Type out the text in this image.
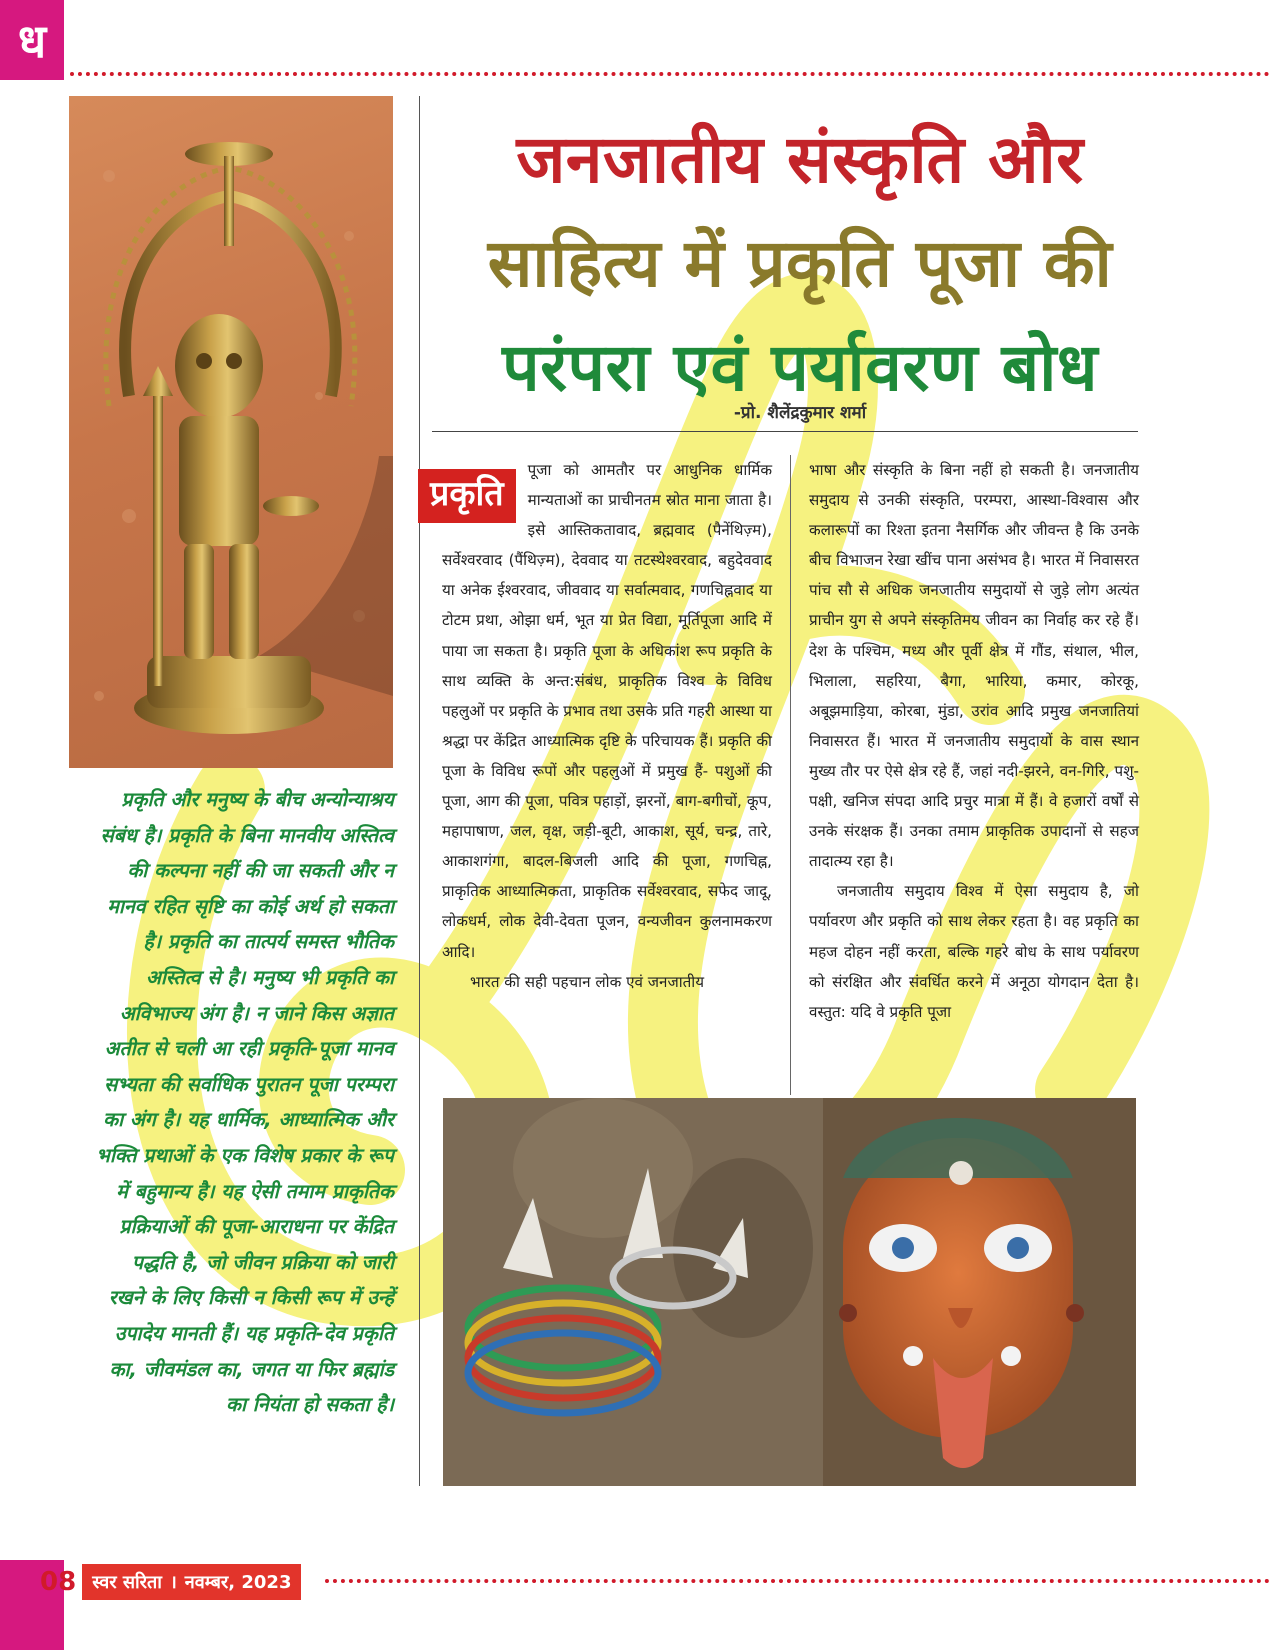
ध
प्रकृति और मनुष्य के बीच अन्योन्याश्रय
संबंध है। प्रकृति के बिना मानवीय अस्तित्व
की कल्पना नहीं की जा सकती और न
मानव रहित सृष्टि का कोई अर्थ हो सकता
है। प्रकृति का तात्पर्य समस्त भौतिक
अस्तित्व से है। मनुष्य भी प्रकृति का
अविभाज्य अंग है। न जाने किस अज्ञात
अतीत से चली आ रही प्रकृति-पूजा मानव
सभ्यता की सर्वाधिक पुरातन पूजा परम्परा
का अंग है। यह धार्मिक, आध्यात्मिक और
भक्ति प्रथाओं के एक विशेष प्रकार के रूप
में बहुमान्य है। यह ऐसी तमाम प्राकृतिक
प्रक्रियाओं की पूजा-आराधना पर केंद्रित
पद्धति है, जो जीवन प्रक्रिया को जारी
रखने के लिए किसी न किसी रूप में उन्हें
उपादेय मानती हैं। यह प्रकृति-देव प्रकृति
का, जीवमंडल का, जगत या फिर ब्रह्मांड
का नियंता हो सकता है।
जनजातीय संस्कृति और
साहित्य में प्रकृति पूजा की
परंपरा एवं पर्यावरण बोध
-प्रो. शैलेंद्रकुमार शर्मा
प्रकृति

पूजा को आमतौर पर आधुनिक धार्मिक मान्यताओं का प्राचीनतम स्रोत माना जाता है। इसे आस्तिकतावाद, ब्रह्मवाद (पैनेंथिज़्म), सर्वेश्वरवाद (पैंथिज़्म), देववाद या तटस्थेश्वरवाद, बहुदेववाद या अनेक ईश्वरवाद, जीववाद या सर्वात्मवाद, गणचिह्नवाद या टोटम प्रथा, ओझा धर्म, भूत या प्रेत विद्या, मूर्तिपूजा आदि में पाया जा सकता है। प्रकृति पूजा के अधिकांश रूप प्रकृति के साथ व्यक्ति के अन्त:संबंध, प्राकृतिक विश्व के विविध पहलुओं पर प्रकृति के प्रभाव तथा उसके प्रति गहरी आस्था या श्रद्धा पर केंद्रित आध्यात्मिक दृष्टि के परिचायक हैं। प्रकृति की पूजा के विविध रूपों और पहलुओं में प्रमुख हैं- पशुओं की पूजा, आग की पूजा, पवित्र पहाड़ों, झरनों, बाग-बगीचों, कूप, महापाषाण, जल, वृक्ष, जड़ी-बूटी, आकाश, सूर्य, चन्द्र, तारे, आकाशगंगा, बादल-बिजली आदि की पूजा, गणचिह्न, प्राकृतिक आध्यात्मिकता, प्राकृतिक सर्वेश्वरवाद, सफेद जादू, लोकधर्म, लोक देवी-देवता पूजन, वन्यजीवन कुलनामकरण आदि।

भारत की सही पहचान लोक एवं जनजातीय

भाषा और संस्कृति के बिना नहीं हो सकती है। जनजातीय समुदाय से उनकी संस्कृति, परम्परा, आस्था-विश्वास और कलारूपों का रिश्ता इतना नैसर्गिक और जीवन्त है कि उनके बीच विभाजन रेखा खींच पाना असंभव है। भारत में निवासरत पांच सौ से अधिक जनजातीय समुदायों से जुड़े लोग अत्यंत प्राचीन युग से अपने संस्कृतिमय जीवन का निर्वाह कर रहे हैं। देश के पश्चिम, मध्य और पूर्वी क्षेत्र में गौंड, संथाल, भील, भिलाला, सहरिया, बैगा, भारिया, कमार, कोरकू, अबूझमाड़िया, कोरबा, मुंडा, उरांव आदि प्रमुख जनजातियां निवासरत हैं। भारत में जनजातीय समुदायों के वास स्थान मुख्य तौर पर ऐसे क्षेत्र रहे हैं, जहां नदी-झरने, वन-गिरि, पशु-पक्षी, खनिज संपदा आदि प्रचुर मात्रा में हैं। वे हजारों वर्षों से उनके संरक्षक हैं। उनका तमाम प्राकृतिक उपादानों से सहज तादात्म्य रहा है।

जनजातीय समुदाय विश्व में ऐसा समुदाय है, जो पर्यावरण और प्रकृति को साथ लेकर रहता है। वह प्रकृति का महज दोहन नहीं करता, बल्कि गहरे बोध के साथ पर्यावरण को संरक्षित और संवर्धित करने में अनूठा योगदान देता है। वस्तुत: यदि वे प्रकृति पूजा

08 स्वर सरिता । नवम्बर, 2023
